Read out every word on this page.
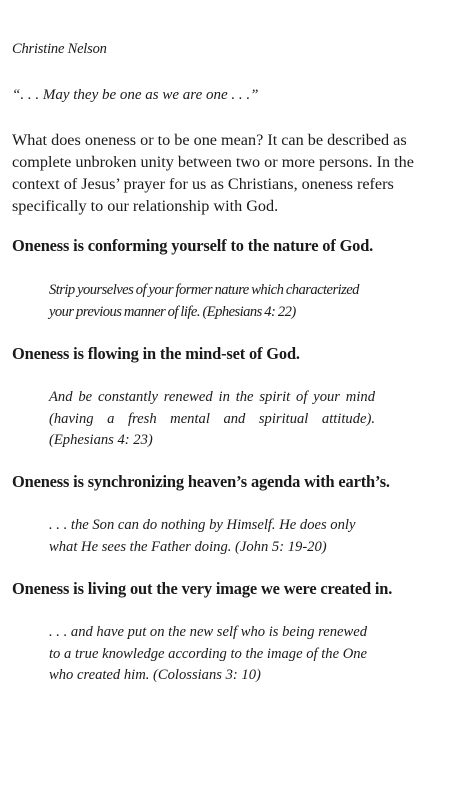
Christine Nelson
“. . . May they be one as we are one . . .”

What does oneness or to be one mean? It can be described as complete unbroken unity between two or more persons. In the context of Jesus’ prayer for us as Christians, oneness refers specifically to our relationship with God.

Oneness is conforming yourself to the nature of God.

Strip yourselves of your former nature which characterized
your previous manner of life. (Ephesians 4: 22)

Oneness is flowing in the mind-set of God.

And be constantly renewed in the spirit of your mind (having a fresh mental and spiritual attitude). (Ephesians 4: 23)

Oneness is synchronizing heaven’s agenda with earth’s.

. . . the Son can do nothing by Himself. He does only
what He sees the Father doing. (John 5: 19-20)

Oneness is living out the very image we were created in.

. . . and have put on the new self who is being renewed
to a true knowledge according to the image of the One
who created him. (Colossians 3: 10)
